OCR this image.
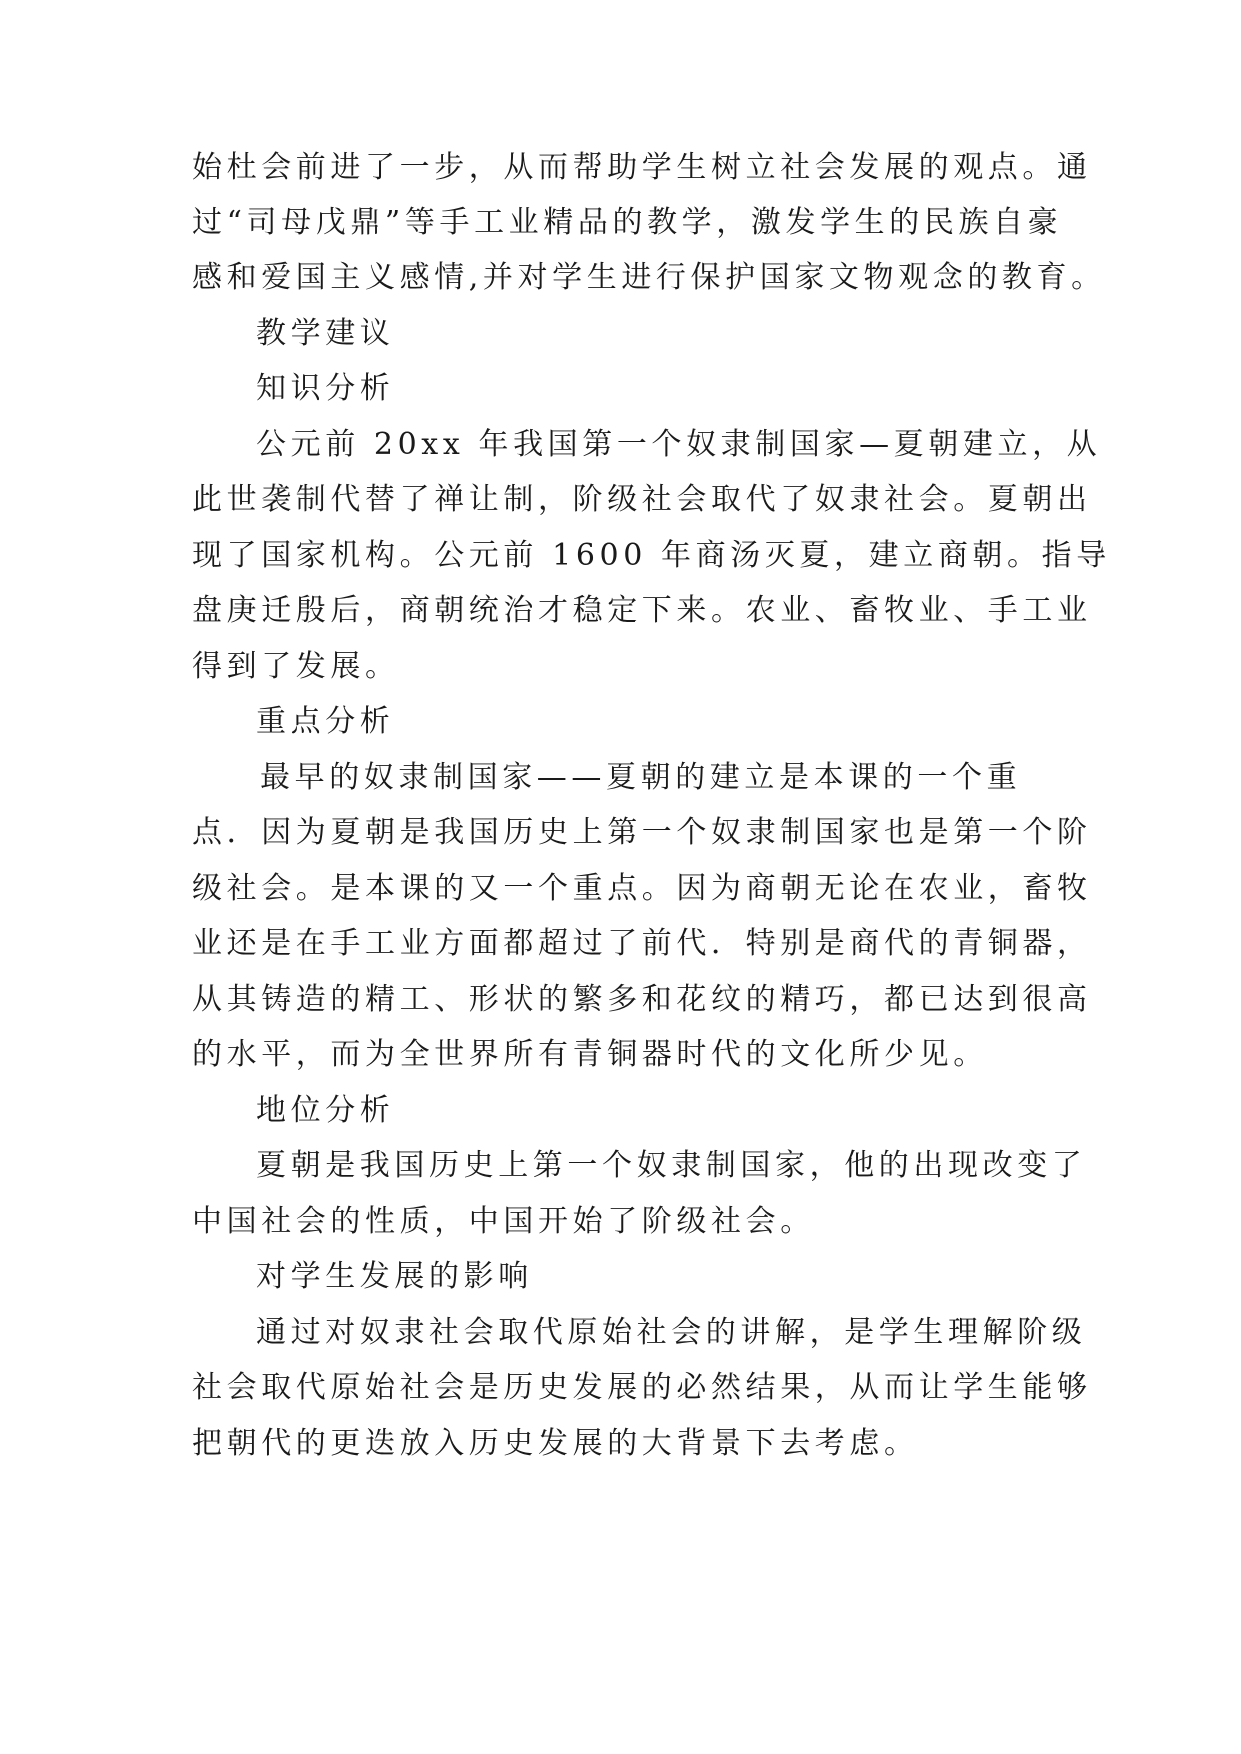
始杜会前进了一步，从而帮助学生树立社会发展的观点。通

过“司母戊鼎”等手工业精品的教学，激发学生的民族自豪

感和爱国主义感情,并对学生进行保护国家文物观念的教育。

教学建议

知识分析

公元前 20xx 年我国第一个奴隶制国家—夏朝建立，从

此世袭制代替了禅让制，阶级社会取代了奴隶社会。夏朝出

现了国家机构。公元前 1600 年商汤灭夏，建立商朝。指导

盘庚迁殷后，商朝统治才稳定下来。农业、畜牧业、手工业

得到了发展。

重点分析

最早的奴隶制国家——夏朝的建立是本课的一个重

点．因为夏朝是我国历史上第一个奴隶制国家也是第一个阶

级社会。是本课的又一个重点。因为商朝无论在农业，畜牧

业还是在手工业方面都超过了前代．特别是商代的青铜器，

从其铸造的精工、形状的繁多和花纹的精巧，都已达到很高

的水平，而为全世界所有青铜器时代的文化所少见。

地位分析

夏朝是我国历史上第一个奴隶制国家，他的出现改变了

中国社会的性质，中国开始了阶级社会。

对学生发展的影响

通过对奴隶社会取代原始社会的讲解，是学生理解阶级

社会取代原始社会是历史发展的必然结果，从而让学生能够

把朝代的更迭放入历史发展的大背景下去考虑。
